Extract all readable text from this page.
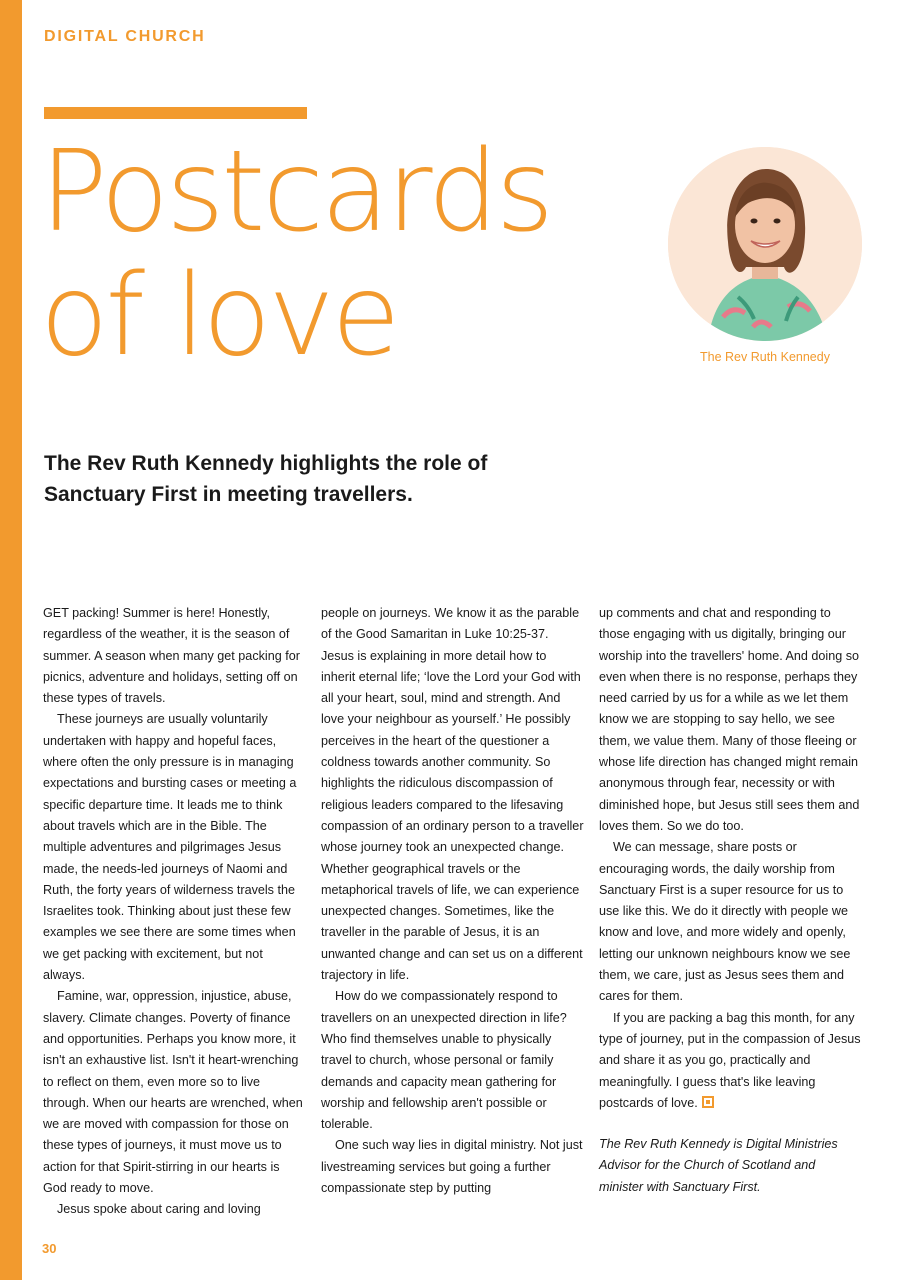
DIGITAL CHURCH

Postcards
of love	The Rev Ruth Kennedy

The Rev Ruth Kennedy highlights the role of Sanctuary First in meeting travellers.

GET packing! Summer is here! Honestly, regardless of the weather, it is the season of summer. A season when many get packing for picnics, adventure and holidays, setting off on these types of travels.

These journeys are usually voluntarily undertaken with happy and hopeful faces, where often the only pressure is in managing expectations and bursting cases or meeting a specific departure time. It leads me to think about travels which are in the Bible. The multiple adventures and pilgrimages Jesus made, the needs-led journeys of Naomi and Ruth, the forty years of wilderness travels the Israelites took. Thinking about just these few examples we see there are some times when we get packing with excitement, but not always.

Famine, war, oppression, injustice, abuse, slavery. Climate changes. Poverty of finance and opportunities. Perhaps you know more, it isn't an exhaustive list. Isn't it heart-wrenching to reflect on them, even more so to live through. When our hearts are wrenched, when we are moved with compassion for those on these types of journeys, it must move us to action for that Spirit-stirring in our hearts is God ready to move.

Jesus spoke about caring and loving

people on journeys. We know it as the parable of the Good Samaritan in Luke 10:25-37. Jesus is explaining in more detail how to inherit eternal life; ‘love the Lord your God with all your heart, soul, mind and strength. And love your neighbour as yourself.’ He possibly perceives in the heart of the questioner a coldness towards another community. So highlights the ridiculous discompassion of religious leaders compared to the lifesaving compassion of an ordinary person to a traveller whose journey took an unexpected change. Whether geographical travels or the metaphorical travels of life, we can experience unexpected changes. Sometimes, like the traveller in the parable of Jesus, it is an unwanted change and can set us on a different trajectory in life.

How do we compassionately respond to travellers on an unexpected direction in life? Who find themselves unable to physically travel to church, whose personal or family demands and capacity mean gathering for worship and fellowship aren't possible or tolerable.

One such way lies in digital ministry. Not just livestreaming services but going a further compassionate step by putting

up comments and chat and responding to those engaging with us digitally, bringing our worship into the travellers' home. And doing so even when there is no response, perhaps they need carried by us for a while as we let them know we are stopping to say hello, we see them, we value them. Many of those fleeing or whose life direction has changed might remain anonymous through fear, necessity or with diminished hope, but Jesus still sees them and loves them. So we do too.

We can message, share posts or encouraging words, the daily worship from Sanctuary First is a super resource for us to use like this. We do it directly with people we know and love, and more widely and openly, letting our unknown neighbours know we see them, we care, just as Jesus sees them and cares for them.

If you are packing a bag this month, for any type of journey, put in the compassion of Jesus and share it as you go, practically and meaningfully. I guess that's like leaving postcards of love.

The Rev Ruth Kennedy is Digital Ministries Advisor for the Church of Scotland and minister with Sanctuary First.

30
